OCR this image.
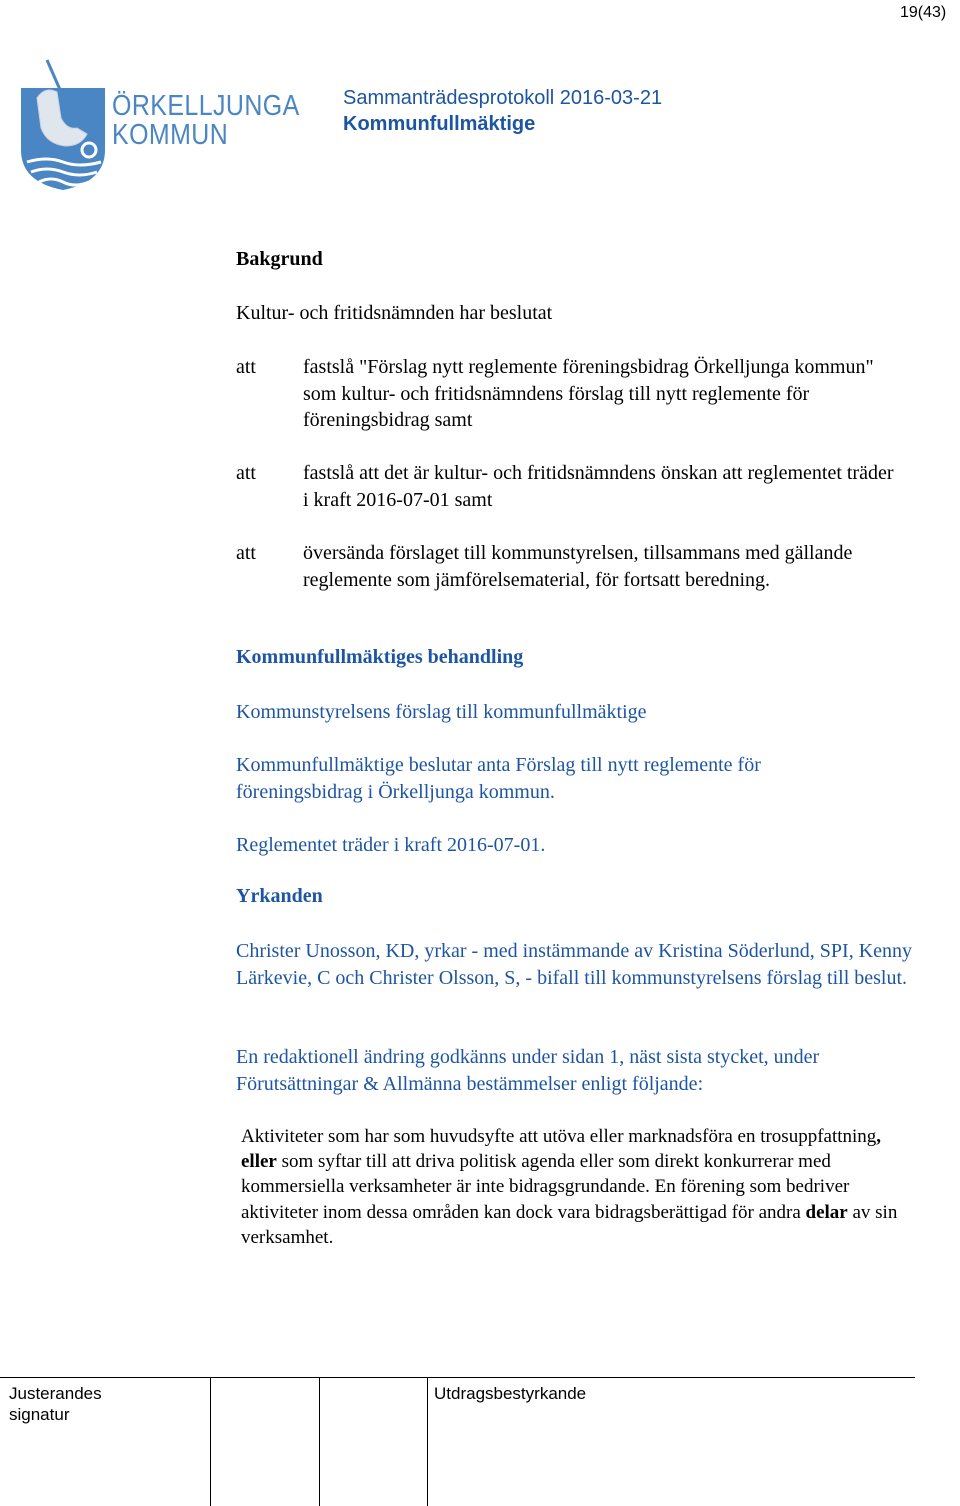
19(43)
ÖRKELLJUNGA
KOMMUN
Sammanträdesprotokoll 2016-03-21
Kommunfullmäktige
Bakgrund
Kultur- och fritidsnämnden har beslutat
att	fastslå "Förslag nytt reglemente föreningsbidrag Örkelljunga kommun" som kultur- och fritidsnämndens förslag till nytt reglemente för föreningsbidrag samt
att	fastslå att det är kultur- och fritidsnämndens önskan att reglementet träder i kraft 2016-07-01 samt
att	översända förslaget till kommunstyrelsen, tillsammans med gällande reglemente som jämförelsematerial, för fortsatt beredning.
Kommunfullmäktiges behandling
Kommunstyrelsens förslag till kommunfullmäktige
Kommunfullmäktige beslutar anta Förslag till nytt reglemente för föreningsbidrag i Örkelljunga kommun.
Reglementet träder i kraft 2016-07-01.
Yrkanden
Christer Unosson, KD, yrkar - med instämmande av Kristina Söderlund, SPI, Kenny Lärkevie, C och Christer Olsson, S, - bifall till kommunstyrelsens förslag till beslut.
En redaktionell ändring godkänns under sidan 1, näst sista stycket, under Förutsättningar & Allmänna bestämmelser enligt följande:
Aktiviteter som har som huvudsyfte att utöva eller marknadsföra en trosuppfattning, eller som syftar till att driva politisk agenda eller som direkt konkurrerar med kommersiella verksamheter är inte bidragsgrundande. En förening som bedriver aktiviteter inom dessa områden kan dock vara bidragsberättigad för andra delar av sin verksamhet.
Justerandes
signatur
Utdragsbestyrkande
